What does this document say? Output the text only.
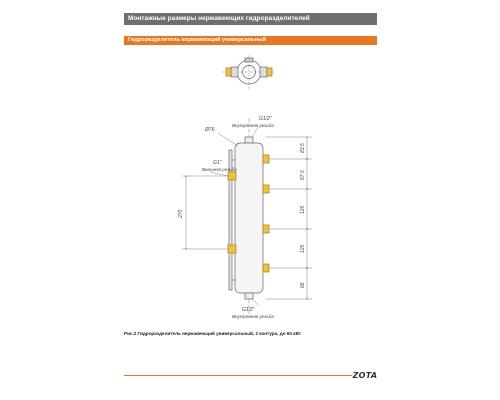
Монтажные размеры нержавеющих гидроразделителей
Гидроразделитель нержавеющий универсальный
G1/2"
Внутренняя резьба
Ø76
G1"
Внешняя резьба
G1/2"
Внутренняя резьба
270
83,5
87,5
125
125
66
Рис.2 Гидроразделитель нержавеющий универсальный, 2 контура, до 60 кВт
ZOTA
